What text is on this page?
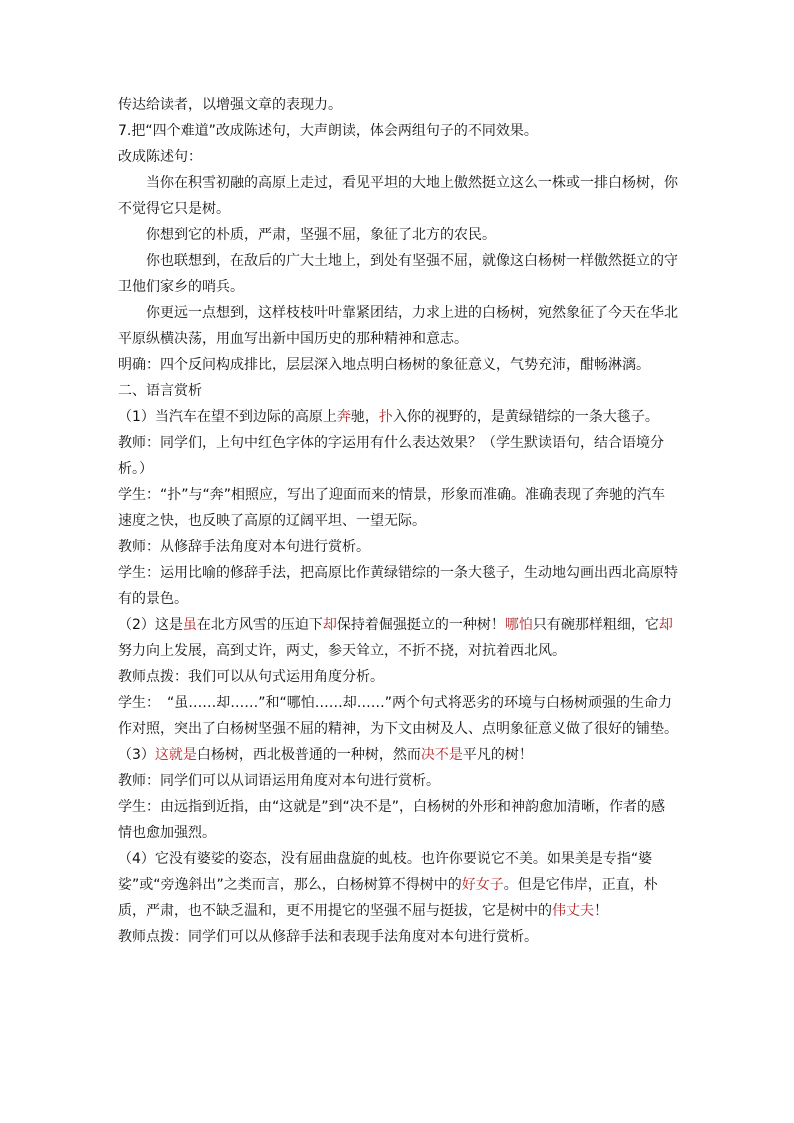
传达给读者，以增强文章的表现力。

7.把“四个难道”改成陈述句，大声朗读，体会两组句子的不同效果。

改成陈述句：

当你在积雪初融的高原上走过，看见平坦的大地上傲然挺立这么一株或一排白杨树，你不觉得它只是树。

你想到它的朴质，严肃，坚强不屈，象征了北方的农民。

你也联想到，在敌后的广大土地上，到处有坚强不屈，就像这白杨树一样傲然挺立的守卫他们家乡的哨兵。

你更远一点想到，这样枝枝叶叶靠紧团结，力求上进的白杨树，宛然象征了今天在华北平原纵横决荡，用血写出新中国历史的那种精神和意志。

明确：四个反问构成排比，层层深入地点明白杨树的象征意义，气势充沛，酣畅淋漓。

二、语言赏析

（1）当汽车在望不到边际的高原上奔驰，扑入你的视野的，是黄绿错综的一条大毯子。

教师：同学们，上句中红色字体的字运用有什么表达效果？（学生默读语句，结合语境分析。）

学生：“扑”与“奔”相照应，写出了迎面而来的情景，形象而准确。准确表现了奔驰的汽车速度之快，也反映了高原的辽阔平坦、一望无际。

教师：从修辞手法角度对本句进行赏析。

学生：运用比喻的修辞手法，把高原比作黄绿错综的一条大毯子，生动地勾画出西北高原特有的景色。

（2）这是虽在北方风雪的压迫下却保持着倔强挺立的一种树！哪怕只有碗那样粗细，它却努力向上发展，高到丈许，两丈，参天耸立，不折不挠，对抗着西北风。

教师点拨：我们可以从句式运用角度分析。

学生：　“虽……却……”和“哪怕……却……”两个句式将恶劣的环境与白杨树顽强的生命力作对照，突出了白杨树坚强不屈的精神，为下文由树及人、点明象征意义做了很好的铺垫。

（3）这就是白杨树，西北极普通的一种树，然而决不是平凡的树！

教师：同学们可以从词语运用角度对本句进行赏析。

学生：由远指到近指，由“这就是”到“决不是”，白杨树的外形和神韵愈加清晰，作者的感情也愈加强烈。

（4）它没有婆娑的姿态，没有屈曲盘旋的虬枝。也许你要说它不美。如果美是专指“婆娑”或“旁逸斜出”之类而言，那么，白杨树算不得树中的好女子。但是它伟岸，正直，朴质，严肃，也不缺乏温和，更不用提它的坚强不屈与挺拔，它是树中的伟丈夫！

教师点拨：同学们可以从修辞手法和表现手法角度对本句进行赏析。
